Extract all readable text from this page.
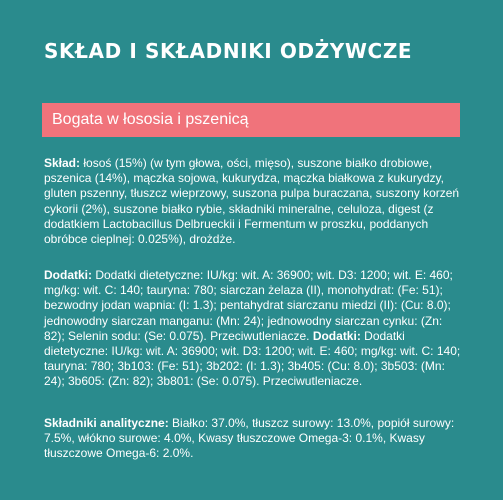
SKŁAD I SKŁADNIKI ODŻYWCZE
Bogata w łososia i pszenicą
Skład: łosoś (15%) (w tym głowa, ości, mięso), suszone białko drobiowe, pszenica (14%), mączka sojowa, kukurydza, mączka białkowa z kukurydzy, gluten pszenny, tłuszcz wieprzowy, suszona pulpa buraczana, suszony korzeń cykorii (2%), suszone białko rybie, składniki mineralne, celuloza, digest (z dodatkiem Lactobacillus Delbrueckii i Fermentum w proszku, poddanych obróbce cieplnej: 0.025%), drożdże.
Dodatki: Dodatki dietetyczne: IU/kg: wit. A: 36900; wit. D3: 1200; wit. E: 460; mg/kg: wit. C: 140; tauryna: 780; siarczan żelaza (II), monohydrat: (Fe: 51); bezwodny jodan wapnia: (I: 1.3); pentahydrat siarczanu miedzi (II): (Cu: 8.0); jednowodny siarczan manganu: (Mn: 24); jednowodny siarczan cynku: (Zn: 82); Selenin sodu: (Se: 0.075). Przeciwutleniacze. Dodatki: Dodatki dietetyczne: IU/kg: wit. A: 36900; wit. D3: 1200; wit. E: 460; mg/kg: wit. C: 140; tauryna: 780; 3b103: (Fe: 51); 3b202: (I: 1.3); 3b405: (Cu: 8.0); 3b503: (Mn: 24); 3b605: (Zn: 82); 3b801: (Se: 0.075). Przeciwutleniacze.
Składniki analityczne: Białko: 37.0%, tłuszcz surowy: 13.0%, popiół surowy: 7.5%, włókno surowe: 4.0%, Kwasy tłuszczowe Omega-3: 0.1%, Kwasy tłuszczowe Omega-6: 2.0%.
